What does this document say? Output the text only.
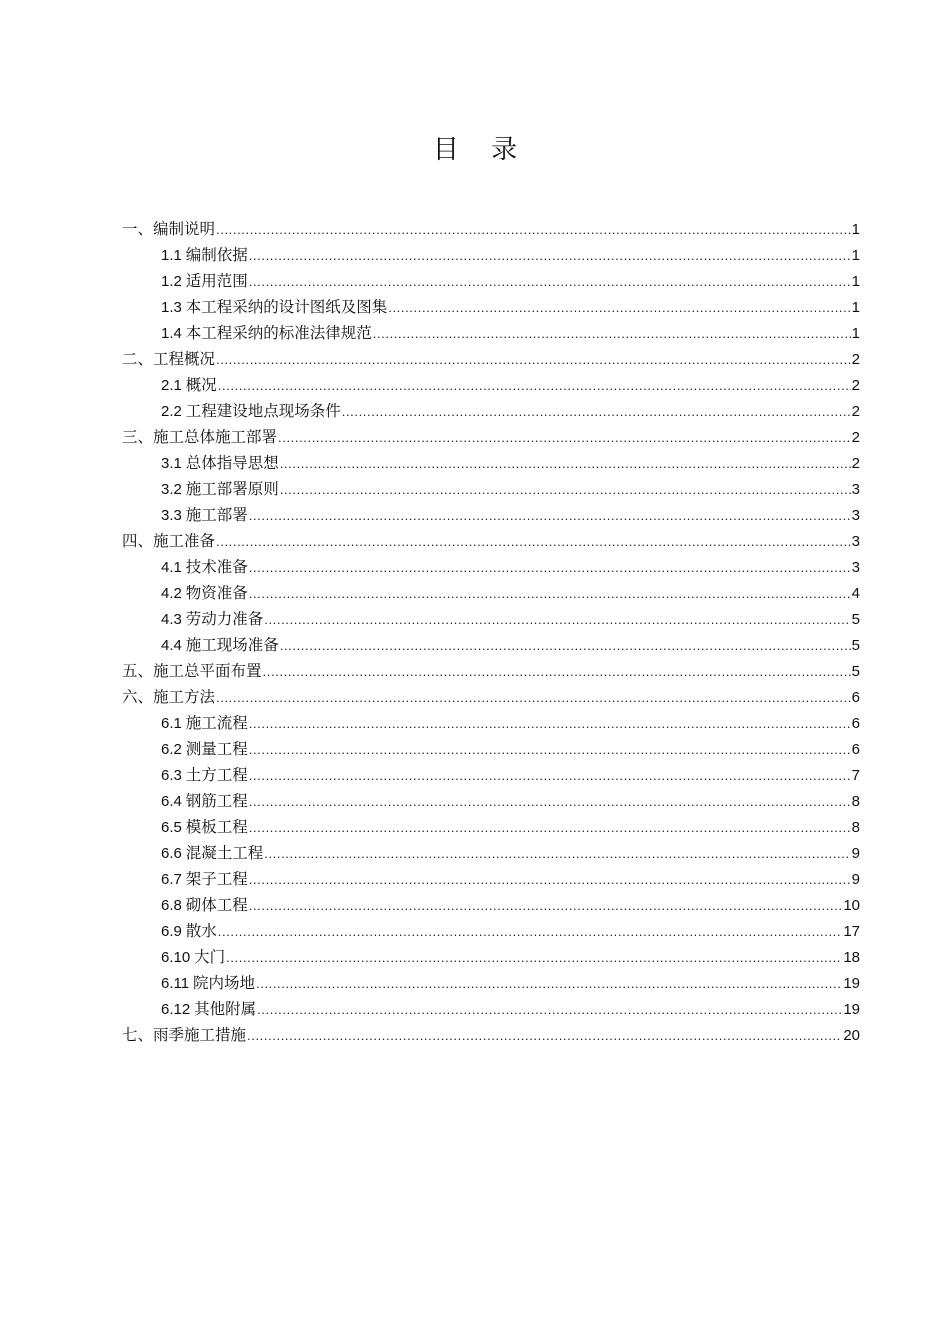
目 录
一、编制说明 .....	1
1.1 编制依据 .....	1
1.2 适用范围 .....	1
1.3 本工程采纳的设计图纸及图集 .....	1
1.4 本工程采纳的标准法律规范 .....	1
二、工程概况 .....	2
2.1 概况 .....	2
2.2 工程建设地点现场条件 .....	2
三、施工总体施工部署 .....	2
3.1 总体指导思想 .....	2
3.2 施工部署原则 .....	3
3.3 施工部署 .....	3
四、施工准备 .....	3
4.1 技术准备 .....	3
4.2 物资准备 .....	4
4.3 劳动力准备 .....	5
4.4 施工现场准备 .....	5
五、施工总平面布置 .....	5
六、施工方法 .....	6
6.1 施工流程 .....	6
6.2 测量工程 .....	6
6.3 土方工程 .....	7
6.4 钢筋工程 .....	8
6.5 模板工程 .....	8
6.6 混凝土工程 .....	9
6.7 架子工程 .....	9
6.8 砌体工程 .....	10
6.9 散水 .....	17
6.10 大门 .....	18
6.11 院内场地 .....	19
6.12 其他附属 .....	19
七、雨季施工措施 .....	20
